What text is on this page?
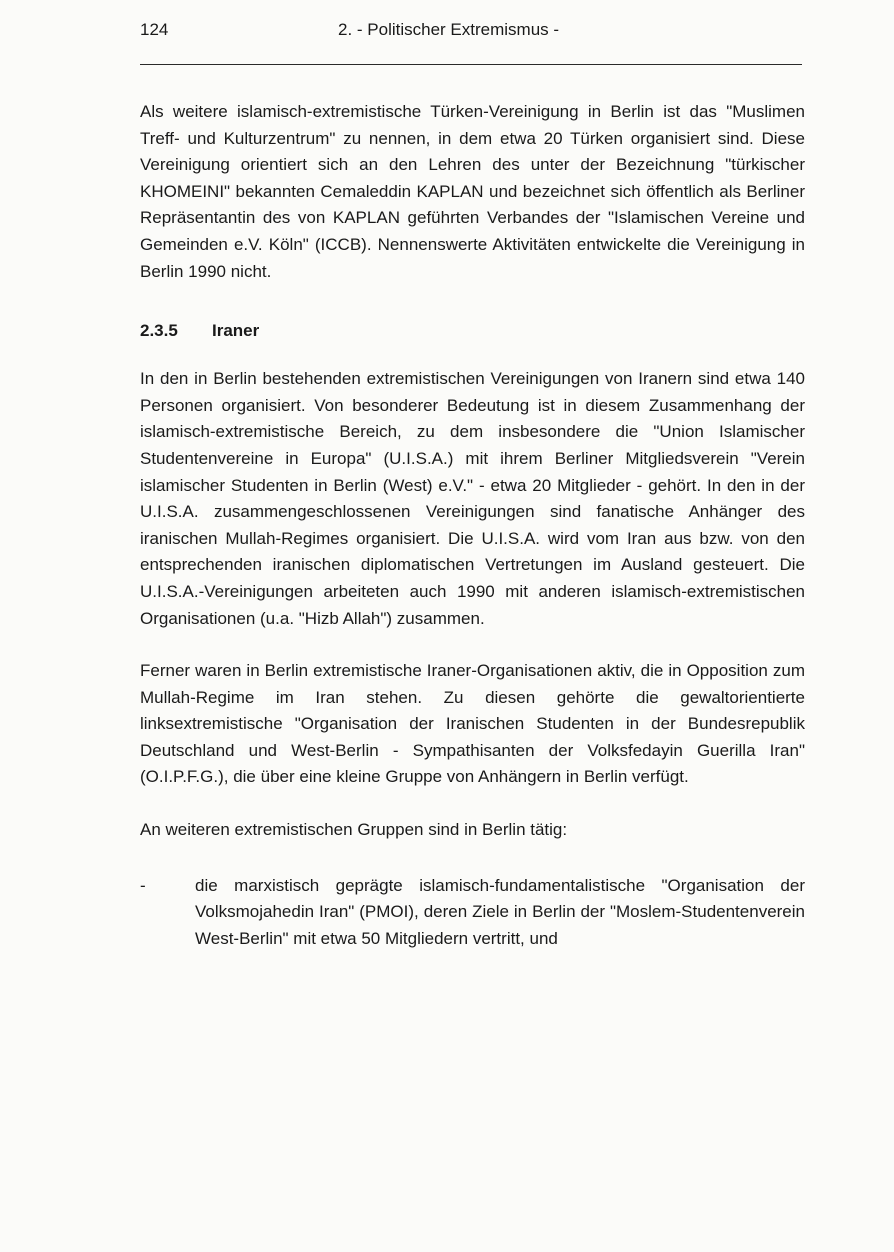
124	2. - Politischer Extremismus -

Als weitere islamisch-extremistische Türken-Vereinigung in Berlin ist das "Muslimen Treff- und Kulturzentrum" zu nennen, in dem etwa 20 Türken organisiert sind. Diese Vereinigung orientiert sich an den Lehren des unter der Bezeichnung "türkischer KHOMEINI" bekannten Cemaleddin KAPLAN und bezeichnet sich öffentlich als Berliner Repräsentantin des von KAPLAN geführten Verbandes der "Islamischen Vereine und Gemeinden e.V. Köln" (ICCB). Nennenswerte Aktivitäten entwickelte die Vereinigung in Berlin 1990 nicht.

2.3.5 Iraner

In den in Berlin bestehenden extremistischen Vereinigungen von Iranern sind etwa 140 Personen organisiert. Von besonderer Bedeutung ist in diesem Zusammenhang der islamisch-extremistische Bereich, zu dem insbesondere die "Union Islamischer Studentenvereine in Europa" (U.I.S.A.) mit ihrem Berliner Mitgliedsverein "Verein islamischer Studenten in Berlin (West) e.V." - etwa 20 Mitglieder - gehört. In den in der U.I.S.A. zusammengeschlossenen Vereinigungen sind fanatische Anhänger des iranischen Mullah-Regimes organisiert. Die U.I.S.A. wird vom Iran aus bzw. von den entsprechenden iranischen diplomatischen Vertretungen im Ausland gesteuert. Die U.I.S.A.-Vereinigungen arbeiteten auch 1990 mit anderen islamisch-extremistischen Organisationen (u.a. "Hizb Allah") zusammen.

Ferner waren in Berlin extremistische Iraner-Organisationen aktiv, die in Opposition zum Mullah-Regime im Iran stehen. Zu diesen gehörte die gewaltorientierte linksextremistische "Organisation der Iranischen Studenten in der Bundesrepublik Deutschland und West-Berlin - Sympathisanten der Volksfedayin Guerilla Iran" (O.I.P.F.G.), die über eine kleine Gruppe von Anhängern in Berlin verfügt.

An weiteren extremistischen Gruppen sind in Berlin tätig:

-	die marxistisch geprägte islamisch-fundamentalistische "Organisation der Volksmojahedin Iran" (PMOI), deren Ziele in Berlin der "Moslem-Studentenverein West-Berlin" mit etwa 50 Mitgliedern vertritt, und
